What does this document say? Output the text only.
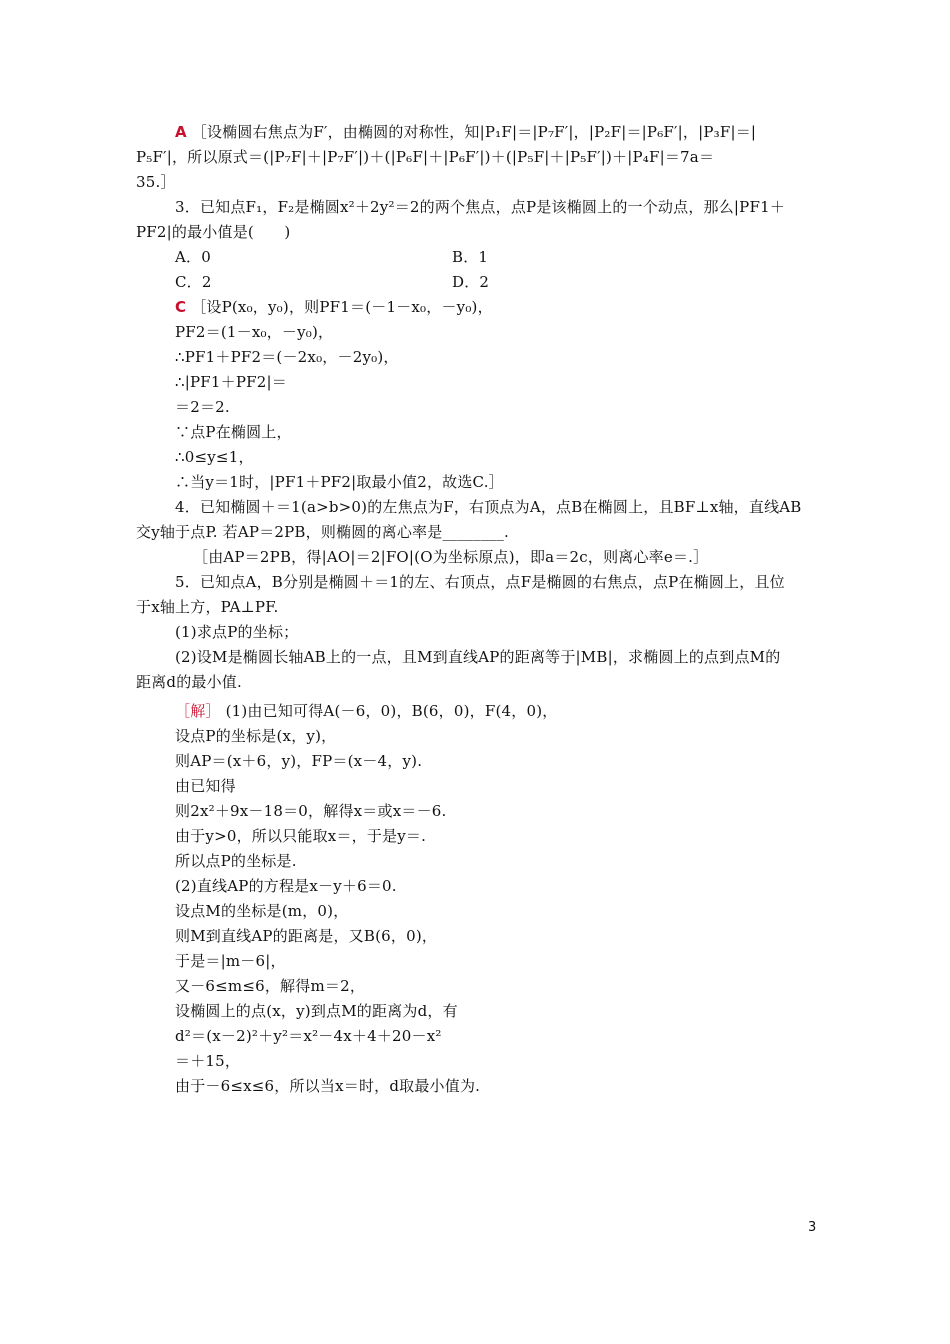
A ［设椭圆右焦点为F′，由椭圆的对称性，知|P₁F|＝|P₇F′|，|P₂F|＝|P₆F′|，|P₃F|＝|
P₅F′|，所以原式＝(|P₇F|＋|P₇F′|)＋(|P₆F|＋|P₆F′|)＋(|P₅F|＋|P₅F′|)＋|P₄F|＝7a＝
35.］
3．已知点F₁，F₂是椭圆x²＋2y²＝2的两个焦点，点P是该椭圆上的一个动点，那么|PF1＋
PF2|的最小值是(　　)
A．0	B．1
C．2	D．2
C ［设P(x₀，y₀)，则PF1＝(－1－x₀，－y₀)，
PF2＝(1－x₀，－y₀)，
∴PF1＋PF2＝(－2x₀，－2y₀)，
∴|PF1＋PF2|＝
＝2＝2.
∵点P在椭圆上，
∴0≤y≤1，
∴当y＝1时，|PF1＋PF2|取最小值2，故选C.］
4．已知椭圆＋＝1(a>b>0)的左焦点为F，右顶点为A，点B在椭圆上，且BF⊥x轴，直线AB
交y轴于点P. 若AP＝2PB，则椭圆的离心率是________.
［由AP＝2PB，得|AO|＝2|FO|(O为坐标原点)，即a＝2c，则离心率e＝.］
5．已知点A，B分别是椭圆＋＝1的左、右顶点，点F是椭圆的右焦点，点P在椭圆上，且位
于x轴上方，PA⊥PF.
(1)求点P的坐标；
(2)设M是椭圆长轴AB上的一点，且M到直线AP的距离等于|MB|，求椭圆上的点到点M的
距离d的最小值.
［解］ (1)由已知可得A(－6，0)，B(6，0)，F(4，0)，
设点P的坐标是(x，y)，
则AP＝(x＋6，y)，FP＝(x－4，y).
由已知得
则2x²＋9x－18＝0，解得x＝或x＝－6.
由于y>0，所以只能取x＝，于是y＝.
所以点P的坐标是.
(2)直线AP的方程是x－y＋6＝0.
设点M的坐标是(m，0)，
则M到直线AP的距离是，又B(6，0)，
于是＝|m－6|，
又－6≤m≤6，解得m＝2，
设椭圆上的点(x，y)到点M的距离为d，有
d²＝(x－2)²＋y²＝x²－4x＋4＋20－x²
＝＋15，
由于－6≤x≤6，所以当x＝时，d取最小值为.
3
